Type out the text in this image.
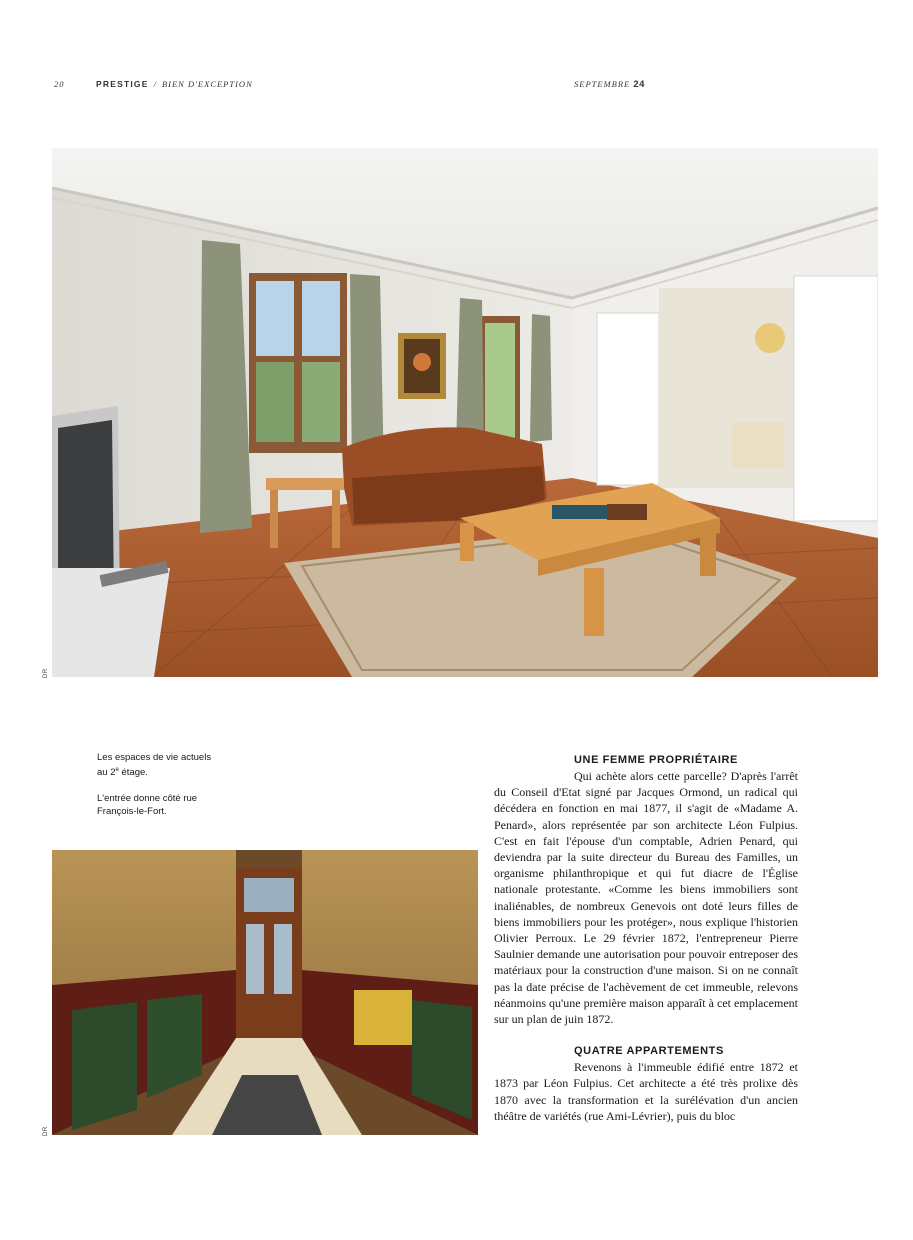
20	PRESTIGE / BIEN D'EXCEPTION	SEPTEMBRE 24
DR

Les espaces de vie actuels au 2e étage.

L'entrée donne côté rue François-le-Fort.

DR
UNE FEMME PROPRIÉTAIRE

Qui achète alors cette parcelle? D'après l'arrêt du Conseil d'Etat signé par Jacques Ormond, un radical qui décédera en fonction en mai 1877, il s'agit de «Madame A. Penard», alors représentée par son architecte Léon Fulpius. C'est en fait l'épouse d'un comptable, Adrien Penard, qui deviendra par la suite directeur du Bureau des Familles, un organisme philanthropique et qui fut diacre de l'Église nationale protestante. «Comme les biens immobiliers sont inaliénables, de nombreux Genevois ont doté leurs filles de biens immobiliers pour les protéger», nous explique l'historien Olivier Perroux. Le 29 février 1872, l'entrepreneur Pierre Saulnier demande une autorisation pour pouvoir entreposer des matériaux pour la construction d'une maison. Si on ne connaît pas la date précise de l'achèvement de cet immeuble, relevons néanmoins qu'une première maison apparaît à cet emplacement sur un plan de juin 1872.

QUATRE APPARTEMENTS

Revenons à l'immeuble édifié entre 1872 et 1873 par Léon Fulpius. Cet architecte a été très prolixe dès 1870 avec la transformation et la surélévation d'un ancien théâtre de variétés (rue Ami-Lévrier), puis du bloc
